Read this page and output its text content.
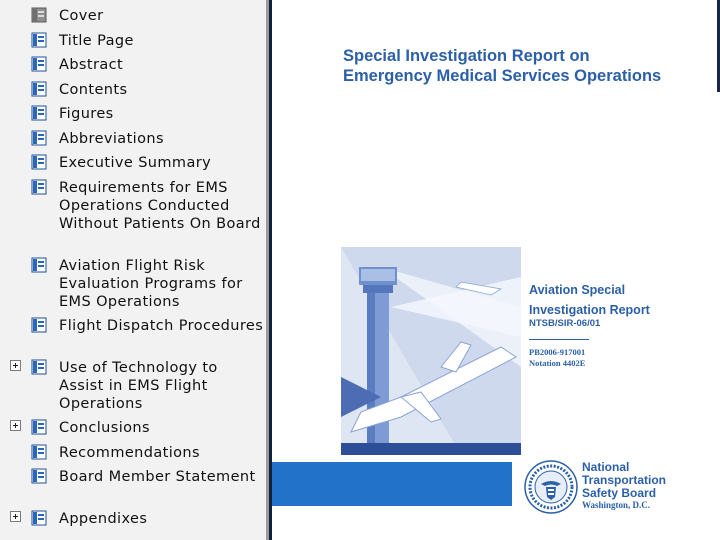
Cover
Title Page
Abstract
Contents
Figures
Abbreviations
Executive Summary
Requirements for EMS Operations Conducted Without Patients On Board
Aviation Flight Risk Evaluation Programs for EMS Operations
Flight Dispatch Procedures
Use of Technology to Assist in EMS Flight Operations
Conclusions
Recommendations
Board Member Statement
Appendixes
Special Investigation Report on
Emergency Medical Services Operations
Aviation Special
Investigation Report
NTSB/SIR-06/01
PB2006-917001
Notation 4402E
National
Transportation
Safety Board
Washington, D.C.
